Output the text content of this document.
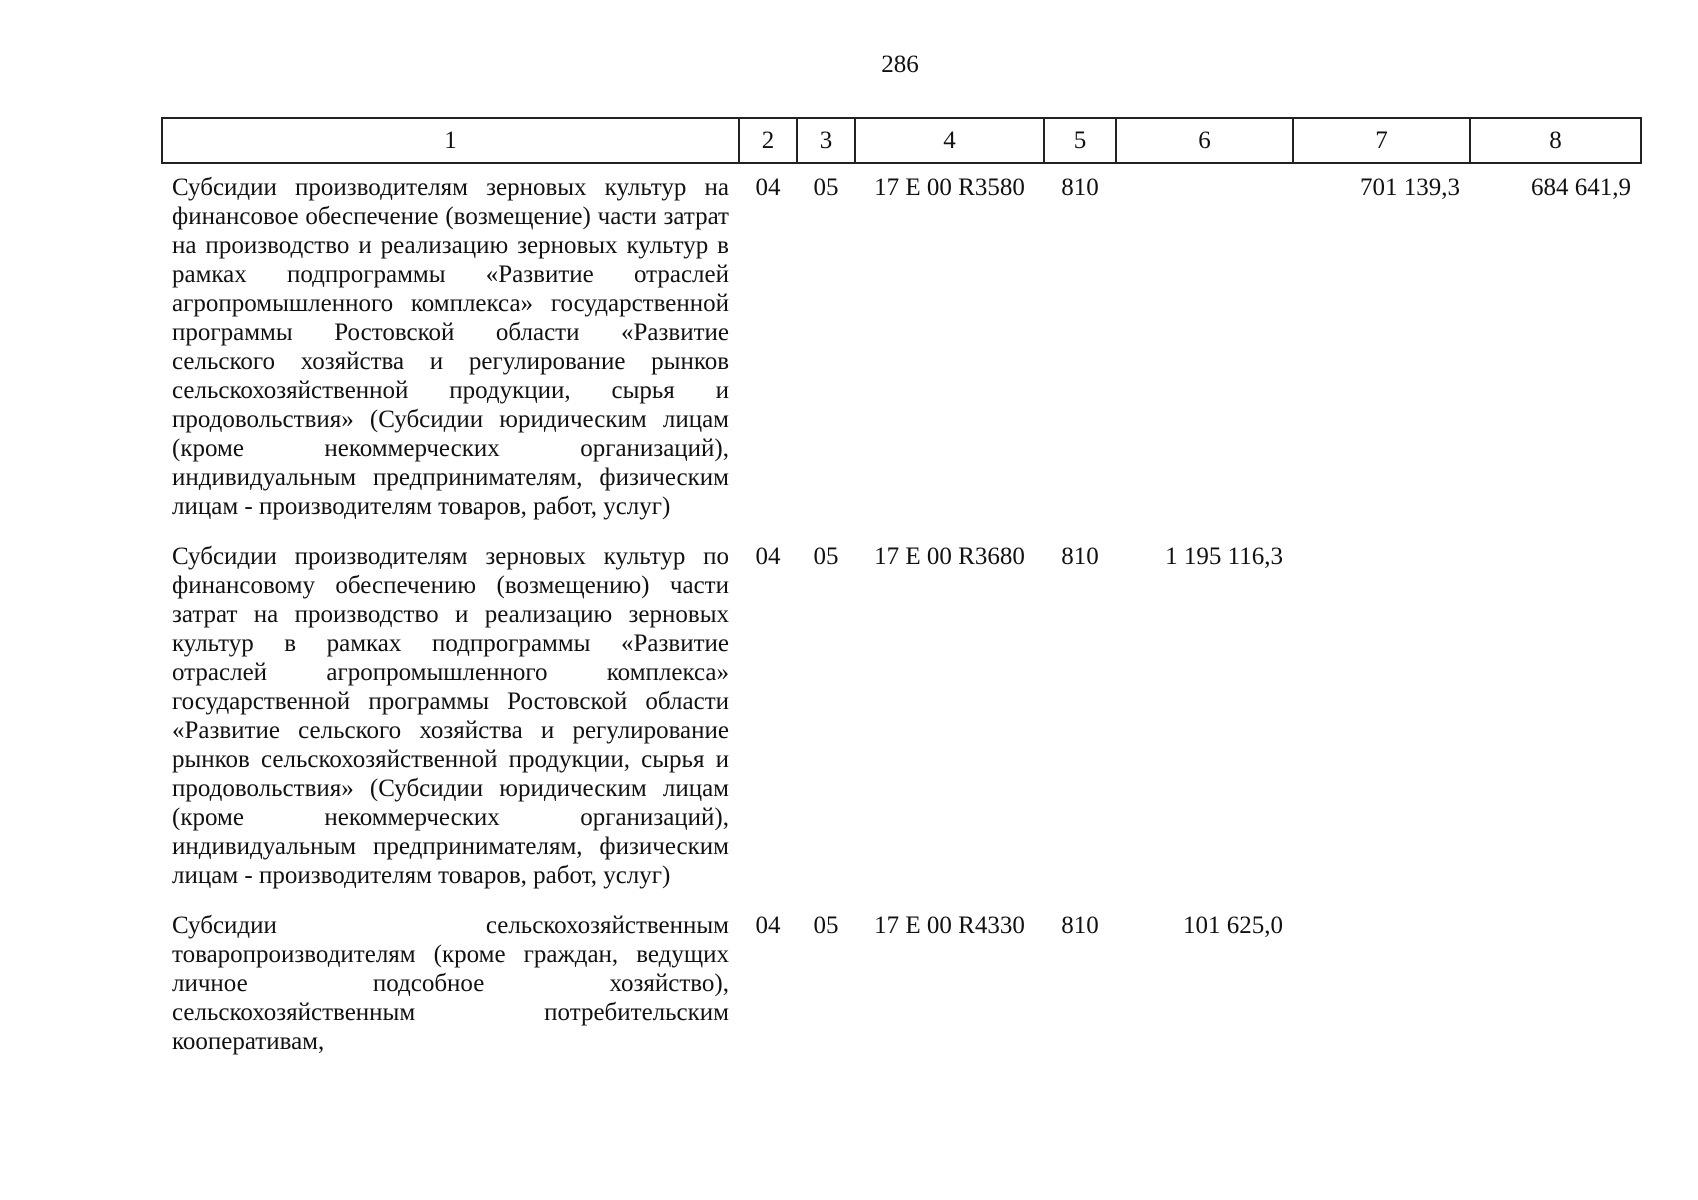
286
1	2	3	4	5	6	7	8
Субсидии производителям зерновых культур на финансовое обеспечение (возмещение) части затрат на производство и реализацию зерновых культур в рамках подпрограммы «Развитие отраслей агропромышленного комплекса» государственной программы Ростовской области «Развитие сельского хозяйства и регулирование рынков сельскохозяйственной продукции, сырья и продовольствия» (Субсидии юридическим лицам (кроме некоммерческих организаций), индивидуальным предпринимателям, физическим лицам - производителям товаров, работ, услуг)	04	05	17 Е 00 R3580	810		701 139,3	684 641,9
Субсидии производителям зерновых культур по финансовому обеспечению (возмещению) части затрат на производство и реализацию зерновых культур в рамках подпрограммы «Развитие отраслей агропромышленного комплекса» государственной программы Ростовской области «Развитие сельского хозяйства и регулирование рынков сельскохозяйственной продукции, сырья и продовольствия» (Субсидии юридическим лицам (кроме некоммерческих организаций), индивидуальным предпринимателям, физическим лицам - производителям товаров, работ, услуг)	04	05	17 Е 00 R3680	810	1 195 116,3		
Субсидии сельскохозяйственным товаропроизводителям (кроме граждан, ведущих личное подсобное хозяйство), сельскохозяйственным потребительским кооперативам,	04	05	17 Е 00 R4330	810	101 625,0		
